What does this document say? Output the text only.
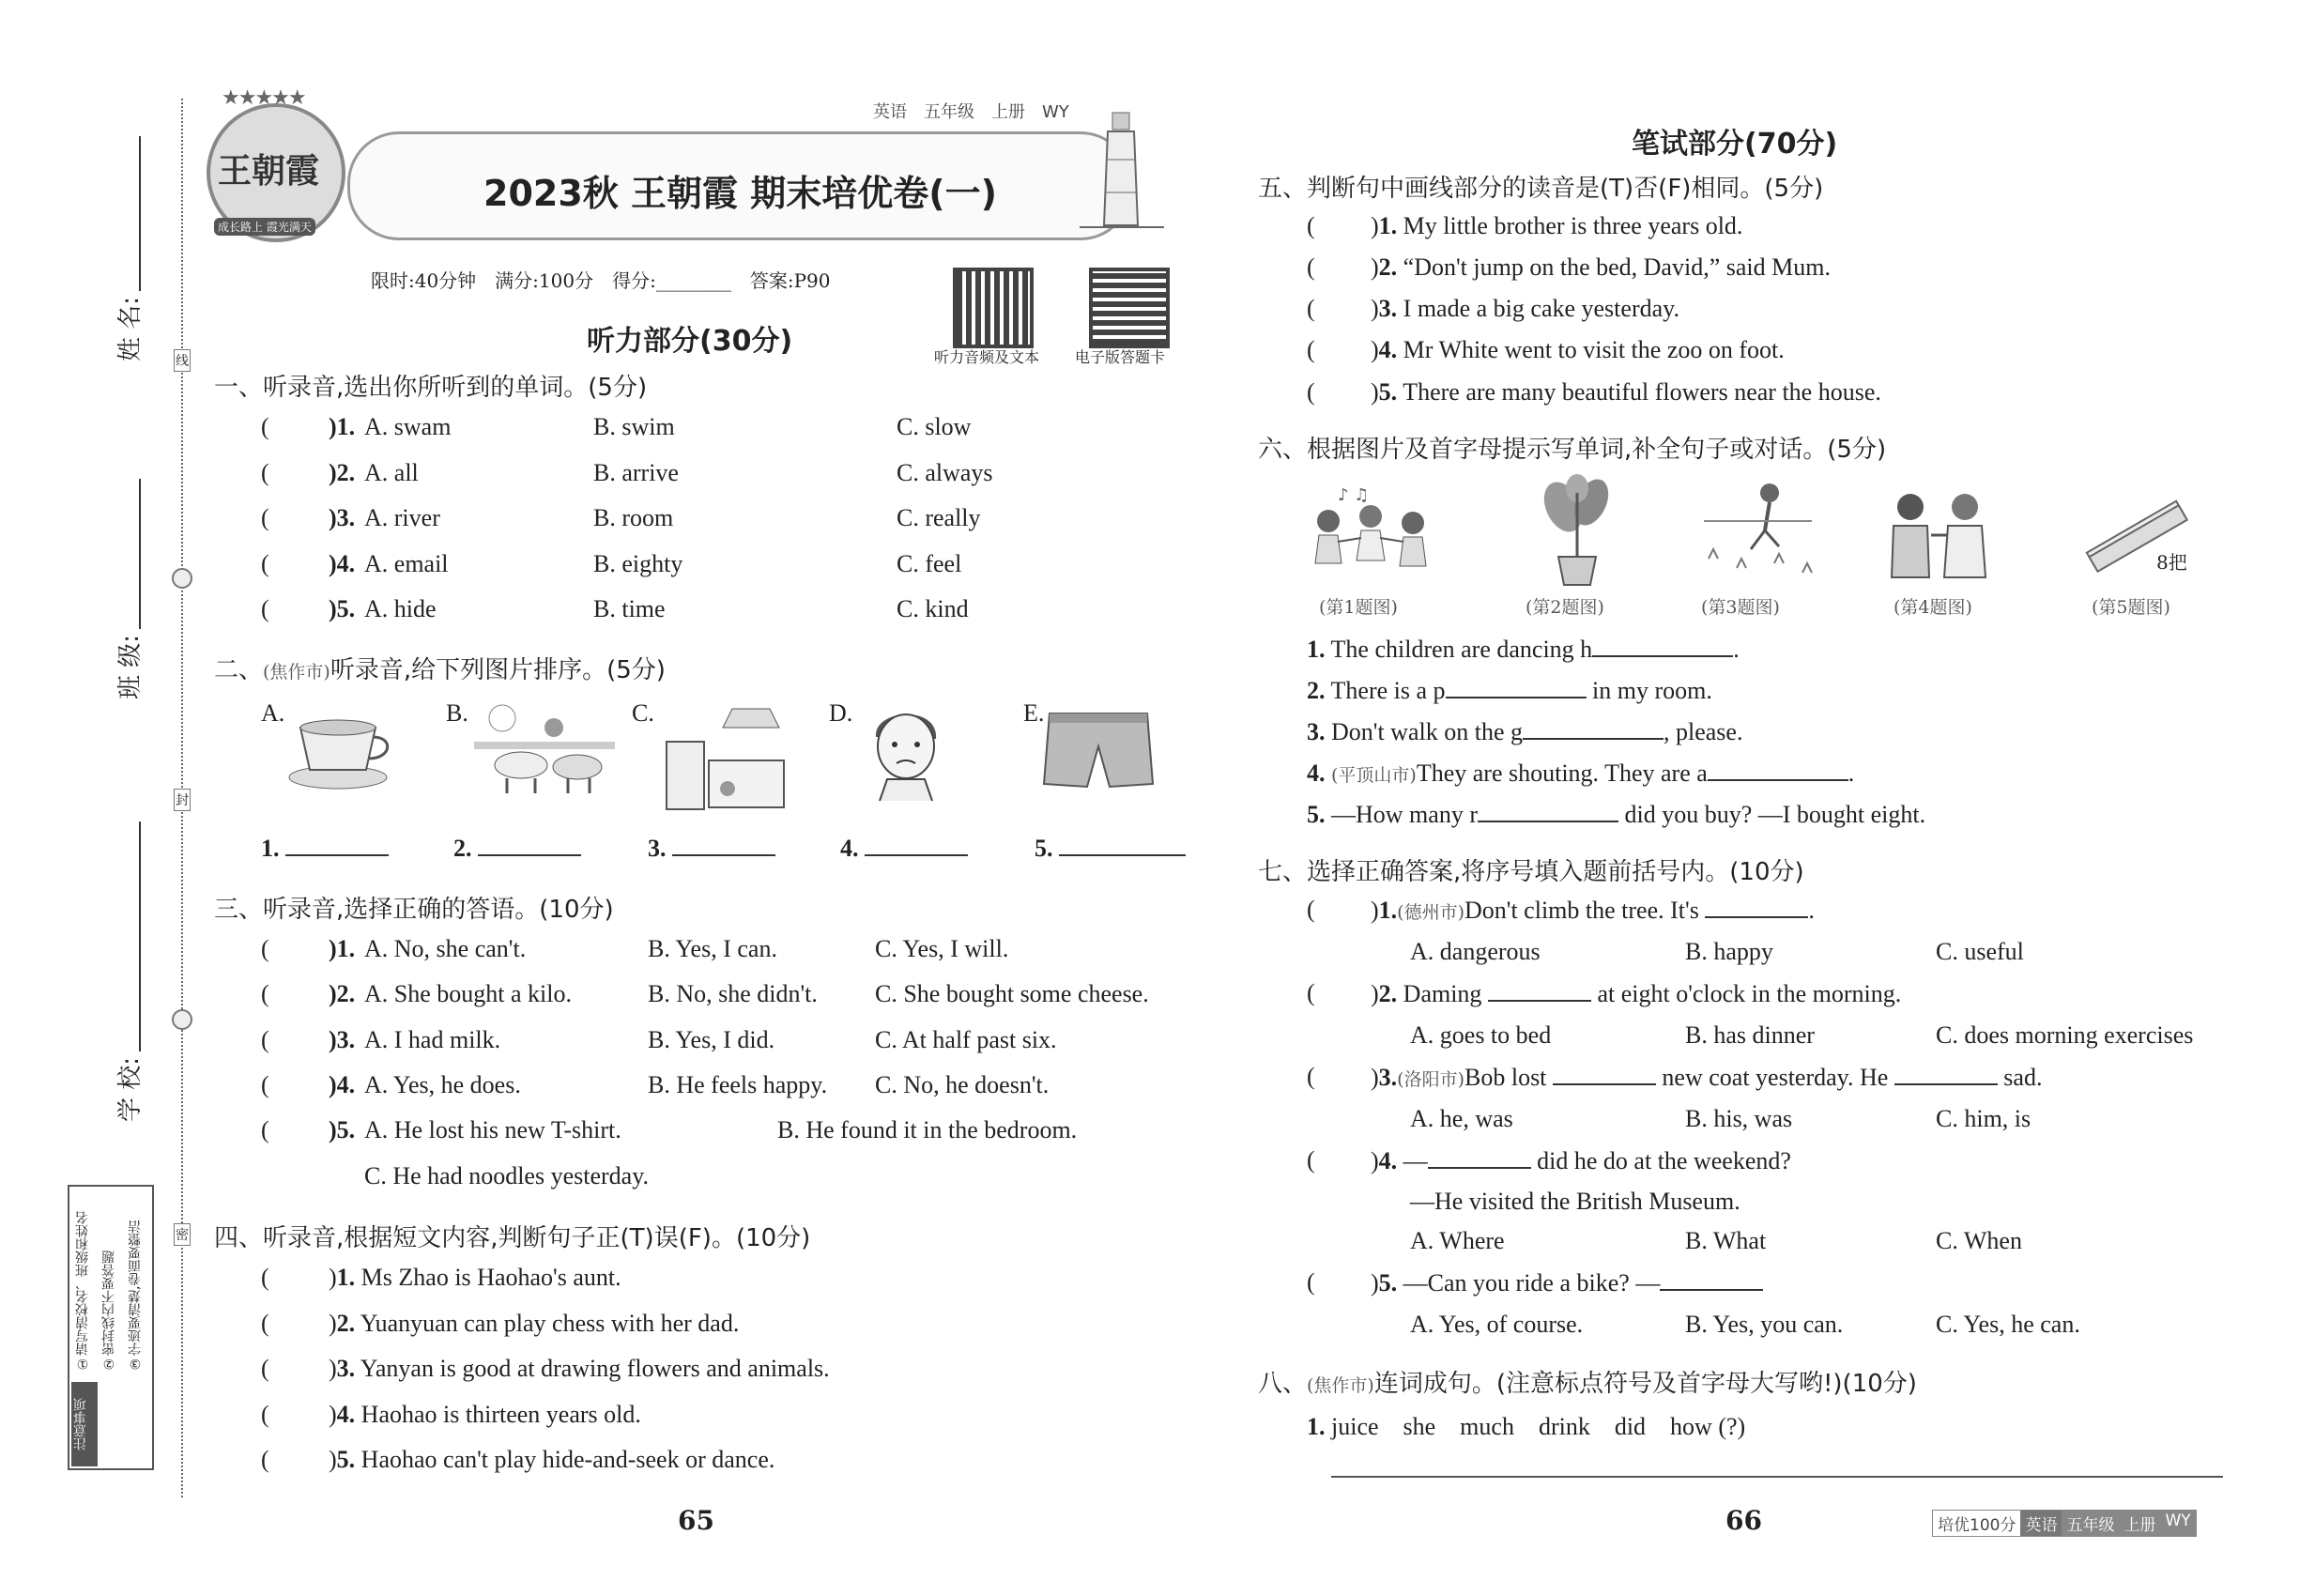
姓 名:
班 级:
学 校:
线
封
密
注意事项
①请写清校名、班级和姓名 ②密封线内不要答题 ③字迹要清楚,卷面要整洁
★★★★★
王朝霞
成长路上 霞光满天
英语　五年级　上册　WY
2023秋 王朝霞 期末培优卷(一)
限时:40分钟　满分:100分　得分:________　答案:P90
听力音频及文本 电子版答题卡
听力部分(30分)
一、听录音,选出你所听到的单词。(5分)
( )1. A. swam	B. swim	C. slow
( )2. A. all	B. arrive	C. always
( )3. A. river	B. room	C. really
( )4. A. email	B. eighty	C. feel
( )5. A. hide	B. time	C. kind
二、(焦作市)听录音,给下列图片排序。(5分)
A.	B.	C.	D.	E.
1.	2.	3.	4.	5.
三、听录音,选择正确的答语。(10分)
( )1. A. No, she can't.	B. Yes, I can.	C. Yes, I will.
( )2. A. She bought a kilo.	B. No, she didn't. C. She bought some cheese.
( )3. A. I had milk.	B. Yes, I did.	C. At half past six.
( )4. A. Yes, he does.	B. He feels happy. C. No, he doesn't.
( )5. A. He lost his new T-shirt.	B. He found it in the bedroom.
C. He had noodles yesterday.
四、听录音,根据短文内容,判断句子正(T)误(F)。(10分)
( )1. Ms Zhao is Haohao's aunt.
( )2. Yuanyuan can play chess with her dad.
( )3. Yanyan is good at drawing flowers and animals.
( )4. Haohao is thirteen years old.
( )5. Haohao can't play hide-and-seek or dance.
65
笔试部分(70分)
五、判断句中画线部分的读音是(T)否(F)相同。(5分)
( )1. My little brother is three years old.
( )2. “Don't jump on the bed, David,” said Mum.
( )3. I made a big cake yesterday.
( )4. Mr White went to visit the zoo on foot.
( )5. There are many beautiful flowers near the house.
六、根据图片及首字母提示写单词,补全句子或对话。(5分)
♪ ♫
8把
(第1题图)	(第2题图)	(第3题图)	(第4题图)	(第5题图)
1. The children are dancing h	.
2. There is a p	in my room.
3. Don't walk on the g	, please.
4. (平顶山市)They are shouting. They are a	.
5. —How many r	did you buy? —I bought eight.
七、选择正确答案,将序号填入题前括号内。(10分)
( )1.(德州市)Don't climb the tree. It's	.
A. dangerous	B. happy	C. useful
( )2. Daming	at eight o'clock in the morning.
A. goes to bed	B. has dinner	C. does morning exercises
( )3.(洛阳市)Bob lost	new coat yesterday. He	sad.
A. he, was	B. his, was	C. him, is
( )4. —	did he do at the weekend?
—He visited the British Museum.
A. Where	B. What	C. When
( )5. —Can you ride a bike? —
A. Yes, of course.	B. Yes, you can.	C. Yes, he can.
八、(焦作市)连词成句。(注意标点符号及首字母大写哟!)(10分)
1. juice　she　much　drink　did　how (?)
66	培优100分 英语 五年级 上册 WY
